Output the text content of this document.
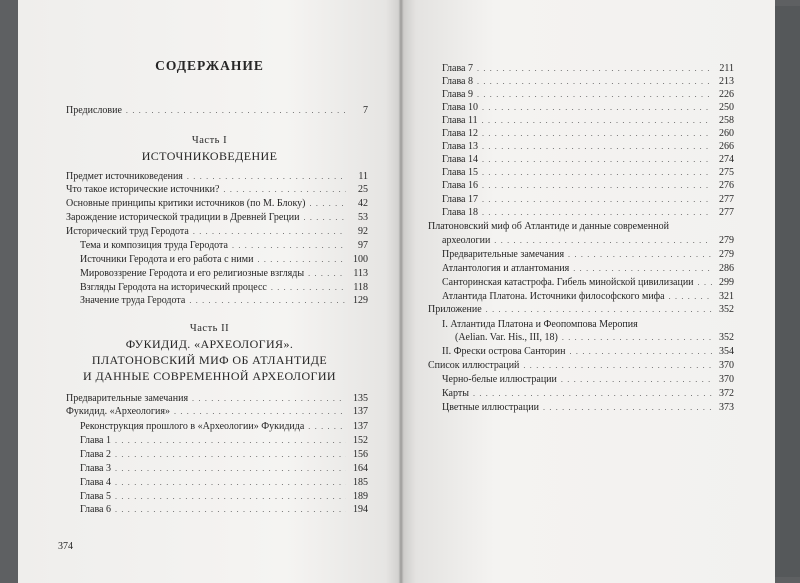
СОДЕРЖАНИЕ
Предисловие . . .	7
Часть I
ИСТОЧНИКОВЕДЕНИЕ
Предмет источниковедения . . .	11
Что такое исторические источники? . . .	25
Основные принципы критики источников (по М. Блоку) . . .	42
Зарождение исторической традиции в Древней Греции . . .	53
Исторический труд Геродота . . .	92
Тема и композиция труда Геродота . . .	97
Источники Геродота и его работа с ними . . .	100
Мировоззрение Геродота и его религиозные взгляды . . .	113
Взгляды Геродота на исторический процесс . . .	118
Значение труда Геродота . . .	129
Часть II
ФУКИДИД. «АРХЕОЛОГИЯ».
ПЛАТОНОВСКИЙ МИФ ОБ АТЛАНТИДЕ
И ДАННЫЕ СОВРЕМЕННОЙ АРХЕОЛОГИИ
Предварительные замечания . . .	135
Фукидид. «Археология» . . .	137
Реконструкция прошлого в «Археологии» Фукидида . . .	137
Глава 1 . . .	152
Глава 2 . . .	156
Глава 3 . . .	164
Глава 4 . . .	185
Глава 5 . . .	189
Глава 6 . . .	194
374
Глава 7 . . .	211
Глава 8 . . .	213
Глава 9 . . .	226
Глава 10 . . .	250
Глава 11 . . .	258
Глава 12 . . .	260
Глава 13 . . .	266
Глава 14 . . .	274
Глава 15 . . .	275
Глава 16 . . .	276
Глава 17 . . .	277
Глава 18 . . .	277
Платоновский миф об Атлантиде и данные современной
археологии . . .	279
Предварительные замечания . . .	279
Атлантология и атлантомания . . .	286
Санторинская катастрофа. Гибель минойской цивилизации . . .	299
Атлантида Платона. Источники философского мифа . . .	321
Приложение . . .	352
I. Атлантида Платона и Феопомпова Меропия
(Aelian. Var. His., III, 18) . . .	352
II. Фрески острова Санторин . . .	354
Список иллюстраций . . .	370
Черно-белые иллюстрации . . .	370
Карты . . .	372
Цветные иллюстрации . . .	373
